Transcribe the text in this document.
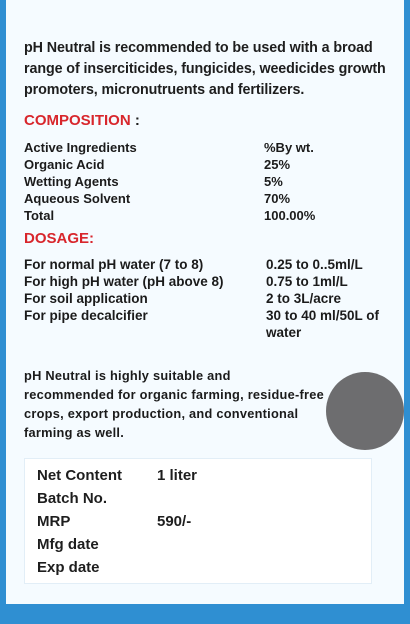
pH Neutral is recommended to be used with a broad range of inserciticides, fungicides, weedicides growth promoters, micronutruents and fertilizers.
COMPOSITION :
Active Ingredients	%By wt.
Organic Acid	25%
Wetting Agents	5%
Aqueous Solvent	70%
Total	100.00%
DOSAGE:
For normal pH water (7 to 8)	0.25 to 0..5ml/L
For high pH water (pH above 8)	0.75 to 1ml/L
For soil application	2 to 3L/acre
For pipe decalcifier	30 to 40 ml/50L of water
pH Neutral is highly suitable and recommended for organic farming, residue-free crops, export production, and conventional farming as well.
Net Content 1 liter
Batch No.
MRP	590/-
Mfg date
Exp date
